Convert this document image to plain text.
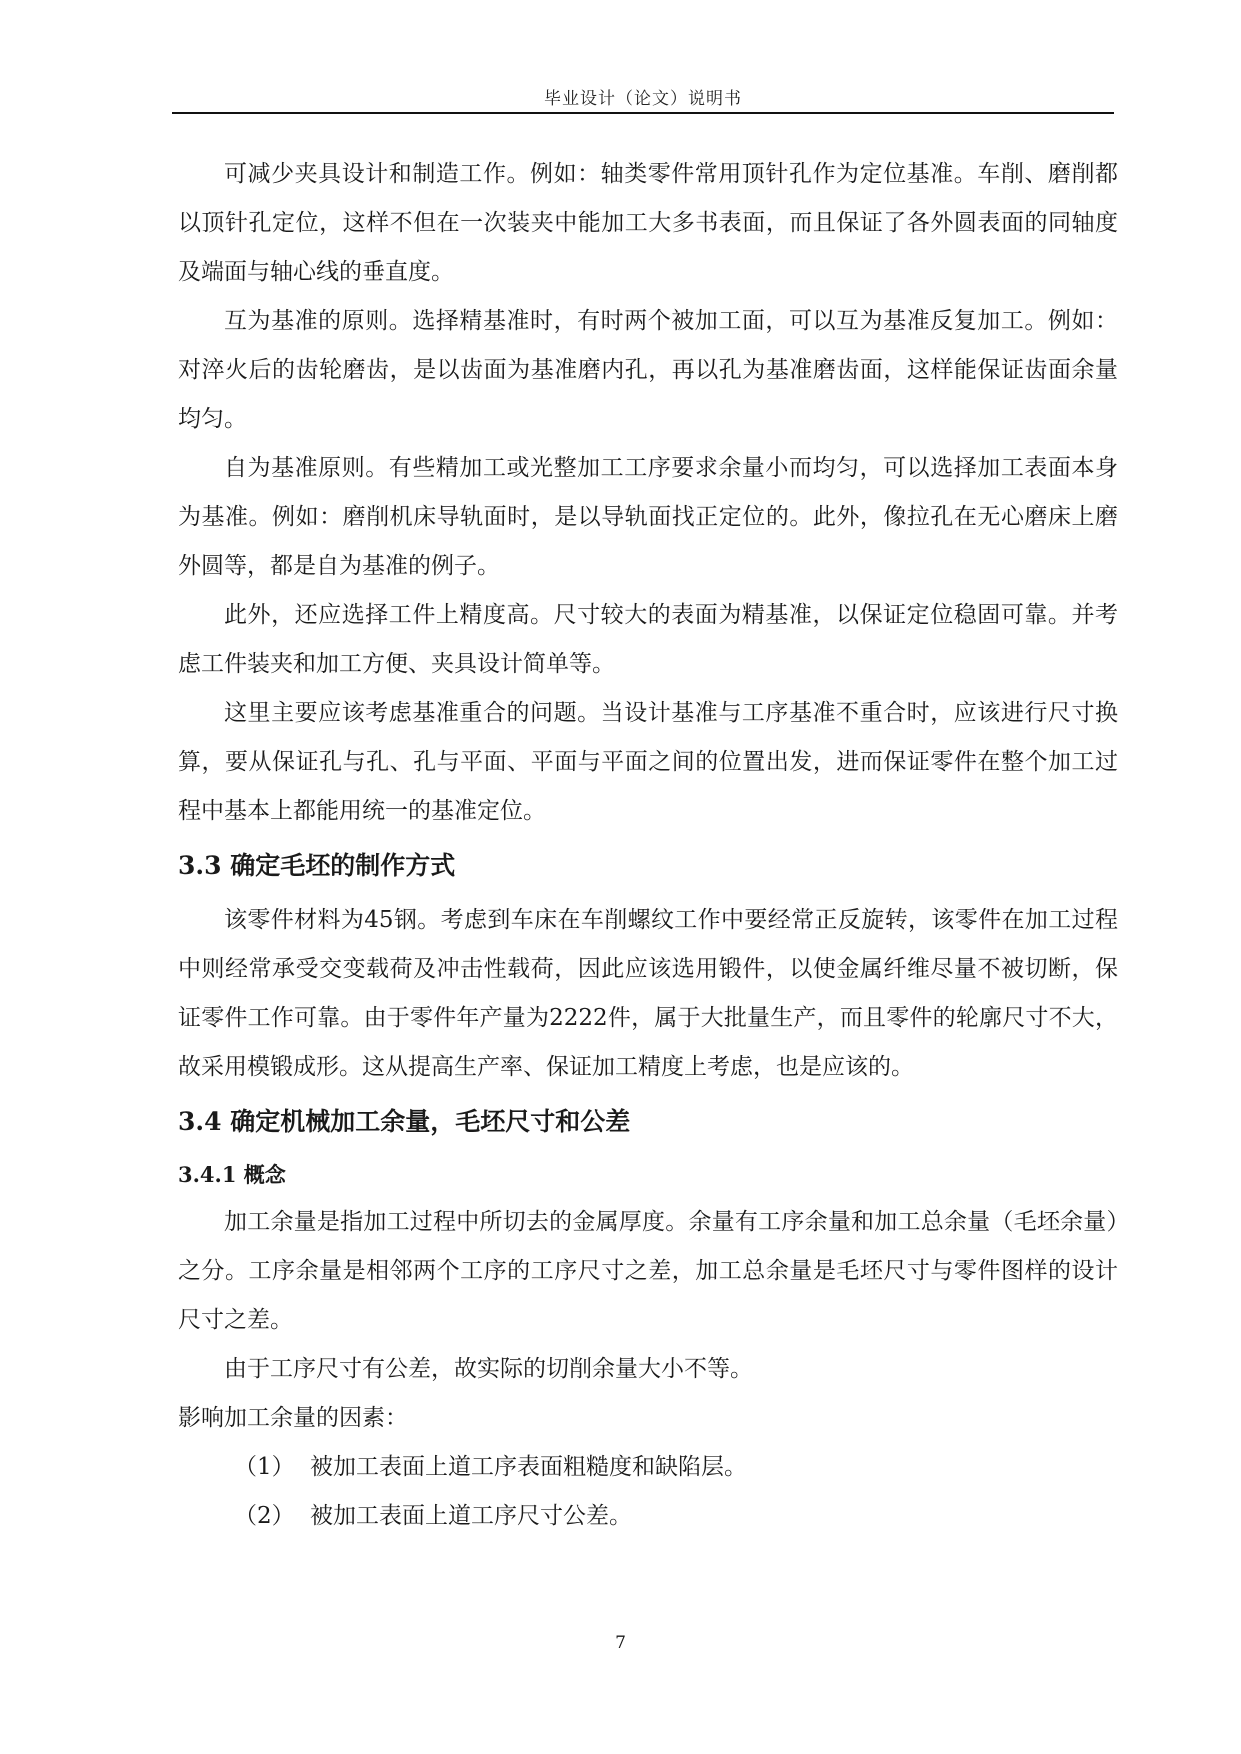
毕业设计（论文）说明书

可减少夹具设计和制造工作。例如：轴类零件常用顶针孔作为定位基准。车削、磨削都以顶针孔定位，这样不但在一次装夹中能加工大多书表面，而且保证了各外圆表面的同轴度及端面与轴心线的垂直度。

互为基准的原则。选择精基准时，有时两个被加工面，可以互为基准反复加工。例如：对淬火后的齿轮磨齿，是以齿面为基准磨内孔，再以孔为基准磨齿面，这样能保证齿面余量均匀。

自为基准原则。有些精加工或光整加工工序要求余量小而均匀，可以选择加工表面本身为基准。例如：磨削机床导轨面时，是以导轨面找正定位的。此外，像拉孔在无心磨床上磨外圆等，都是自为基准的例子。

此外，还应选择工件上精度高。尺寸较大的表面为精基准，以保证定位稳固可靠。并考虑工件装夹和加工方便、夹具设计简单等。

这里主要应该考虑基准重合的问题。当设计基准与工序基准不重合时，应该进行尺寸换算，要从保证孔与孔、孔与平面、平面与平面之间的位置出发，进而保证零件在整个加工过程中基本上都能用统一的基准定位。

3.3 确定毛坯的制作方式

该零件材料为45钢。考虑到车床在车削螺纹工作中要经常正反旋转，该零件在加工过程中则经常承受交变载荷及冲击性载荷，因此应该选用锻件，以使金属纤维尽量不被切断，保证零件工作可靠。由于零件年产量为2222件，属于大批量生产，而且零件的轮廓尺寸不大，故采用模锻成形。这从提高生产率、保证加工精度上考虑，也是应该的。

3.4 确定机械加工余量，毛坯尺寸和公差
3.4.1 概念

加工余量是指加工过程中所切去的金属厚度。余量有工序余量和加工总余量（毛坯余量）之分。工序余量是相邻两个工序的工序尺寸之差，加工总余量是毛坯尺寸与零件图样的设计尺寸之差。

由于工序尺寸有公差，故实际的切削余量大小不等。

影响加工余量的因素：

（1） 被加工表面上道工序表面粗糙度和缺陷层。
（2） 被加工表面上道工序尺寸公差。
7
